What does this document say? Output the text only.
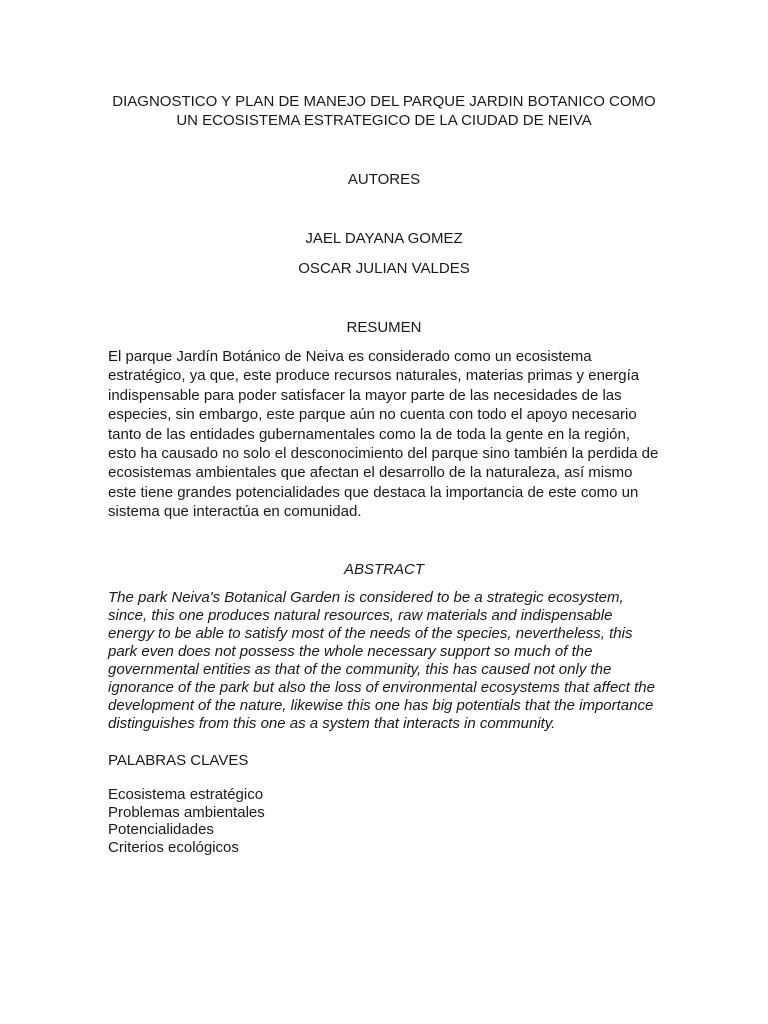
DIAGNOSTICO Y PLAN DE MANEJO DEL PARQUE JARDIN BOTANICO COMO
UN ECOSISTEMA ESTRATEGICO DE LA CIUDAD DE NEIVA
AUTORES
JAEL DAYANA GOMEZ
OSCAR JULIAN VALDES
RESUMEN
El parque Jardín Botánico de Neiva es considerado como un ecosistema
estratégico, ya que, este produce recursos naturales, materias primas y energía
indispensable para poder satisfacer la mayor parte de las necesidades de las
especies, sin embargo, este parque aún no cuenta con todo el apoyo necesario
tanto de las entidades gubernamentales como la de toda la gente en la región,
esto ha causado no solo el desconocimiento del parque sino también la perdida de
ecosistemas ambientales que afectan el desarrollo de la naturaleza, así mismo
este tiene grandes potencialidades que destaca la importancia de este como un
sistema que interactúa en comunidad.
ABSTRACT
The park Neiva's Botanical Garden is considered to be a strategic ecosystem,
since, this one produces natural resources, raw materials and indispensable
energy to be able to satisfy most of the needs of the species, nevertheless, this
park even does not possess the whole necessary support so much of the
governmental entities as that of the community, this has caused not only the
ignorance of the park but also the loss of environmental ecosystems that affect the
development of the nature, likewise this one has big potentials that the importance
distinguishes from this one as a system that interacts in community.
PALABRAS CLAVES
Ecosistema estratégico
Problemas ambientales
Potencialidades
Criterios ecológicos
